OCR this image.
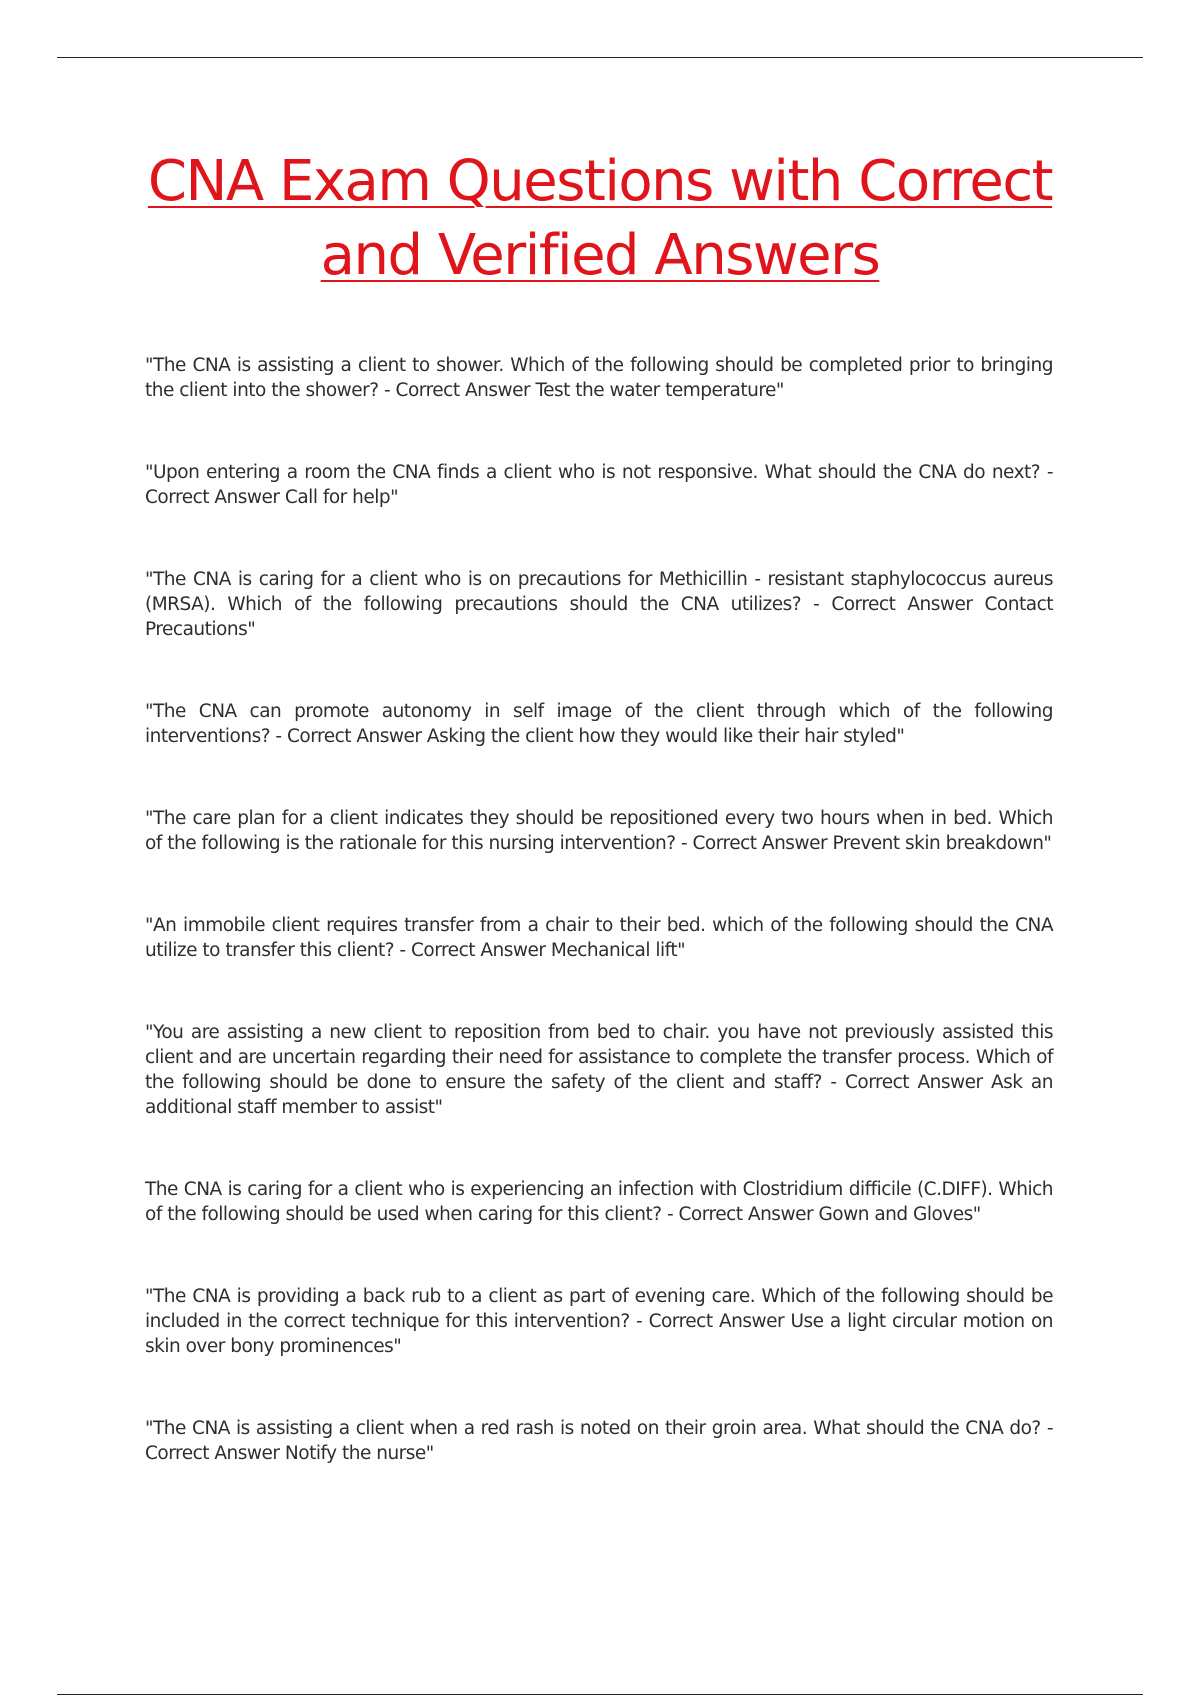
CNA Exam Questions with Correct and Verified Answers
"The CNA is assisting a client to shower. Which of the following should be completed prior to bringing the client into the shower? - Correct Answer Test the water temperature"
"Upon entering a room the CNA finds a client who is not responsive. What should the CNA do next? - Correct Answer Call for help"
"The CNA is caring for a client who is on precautions for Methicillin - resistant staphylococcus aureus (MRSA). Which of the following precautions should the CNA utilizes? - Correct Answer Contact Precautions"
"The CNA can promote autonomy in self image of the client through which of the following interventions? - Correct Answer Asking the client how they would like their hair styled"
"The care plan for a client indicates they should be repositioned every two hours when in bed. Which of the following is the rationale for this nursing intervention? - Correct Answer Prevent skin breakdown"
"An immobile client requires transfer from a chair to their bed. which of the following should the CNA utilize to transfer this client? - Correct Answer Mechanical lift"
"You are assisting a new client to reposition from bed to chair. you have not previously assisted this client and are uncertain regarding their need for assistance to complete the transfer process. Which of the following should be done to ensure the safety of the client and staff? - Correct Answer Ask an additional staff member to assist"
The CNA is caring for a client who is experiencing an infection with Clostridium difficile (C.DIFF). Which of the following should be used when caring for this client? - Correct Answer Gown and Gloves"
"The CNA is providing a back rub to a client as part of evening care. Which of the following should be included in the correct technique for this intervention? - Correct Answer Use a light circular motion on skin over bony prominences"
"The CNA is assisting a client when a red rash is noted on their groin area. What should the CNA do? - Correct Answer Notify the nurse"
